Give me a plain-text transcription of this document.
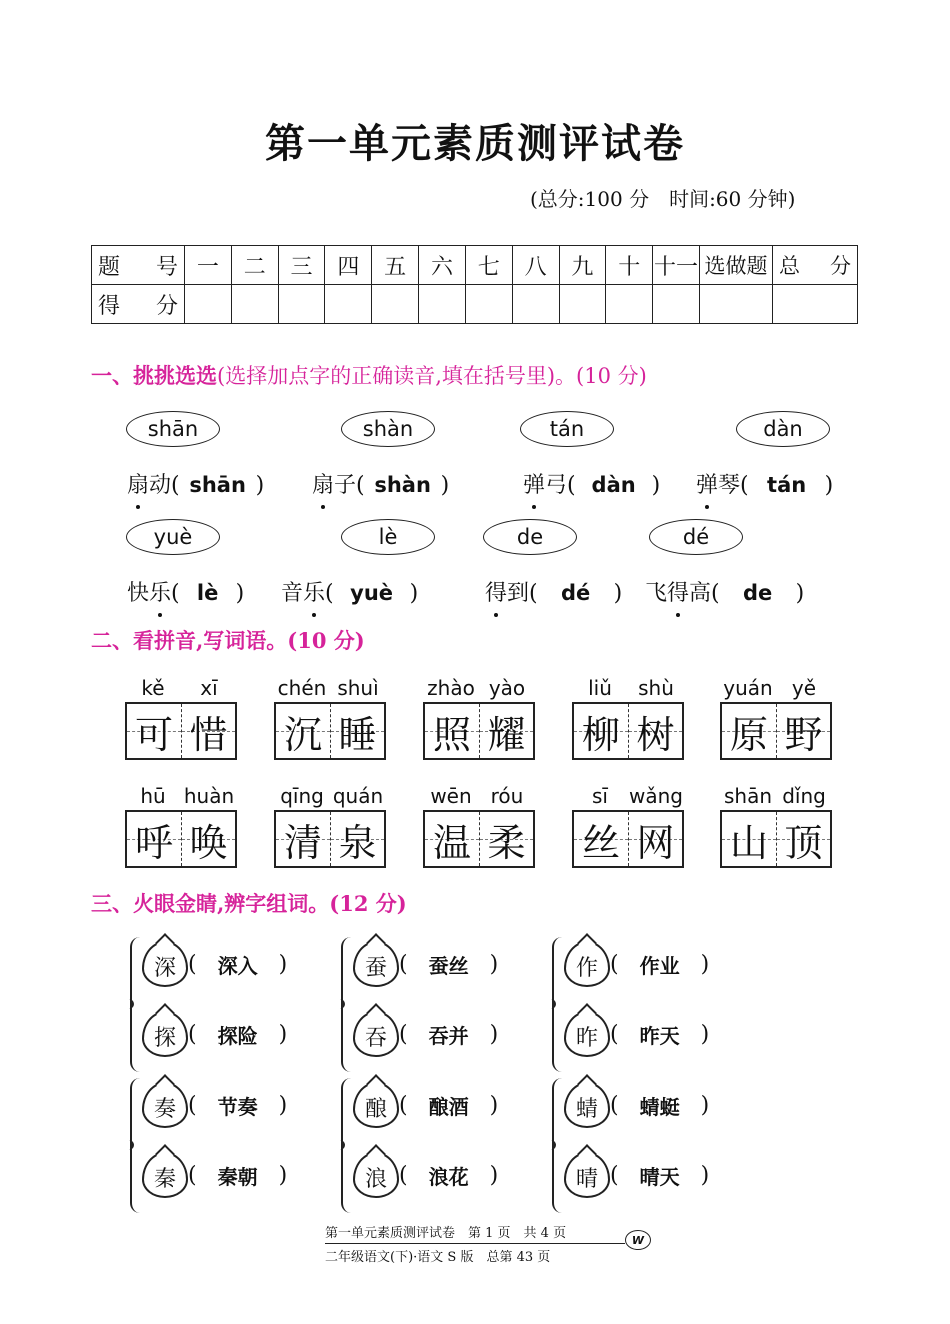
第一单元素质测评试卷
(总分:100 分　时间:60 分钟)
题　号	一	二	三	四	五	六	七	八	九	十	十一	选做题	总　分
得　分													
一、挑挑选选(选择加点字的正确读音,填在括号里)。(10 分)
shān	shàn	tán	dàn
扇 动 ( shān ) 扇 子 ( shàn )	弹 弓 ( dàn ) 弹 琴 ( tán )
yuè	lè	de	dé
快 乐 ( lè ) 音 乐 ( yuè )	得 到 (	dé	) 飞 得 高 (	de	)
二、看拼音,写词语。(10 分)
kě	xī
可 惜
chén shuì
沉 睡
zhào yào
照 耀
liǔ	shù
柳 树
yuán yě
原 野
hū huàn
呼 唤
qīng quán
清 泉
wēn róu
温 柔
sī	wǎng
丝 网
shān dǐng
山 顶
三、火眼金睛,辨字组词。(12 分)
深 (	深入 )
探 (	探险 )
蚕 (	蚕丝 )
吞 (	吞并 )
作 (	作业 )
昨 (	昨天 )
奏 (	节奏 )
秦 (	秦朝 )
酿 (	酿酒 )
浪 (	浪花 )
蜻 (	蜻蜓 )
晴 (	晴天 )
第一单元素质测评试卷　第 1 页　共 4 页
二年级语文(下)·语文 S 版　总第 43 页
W
